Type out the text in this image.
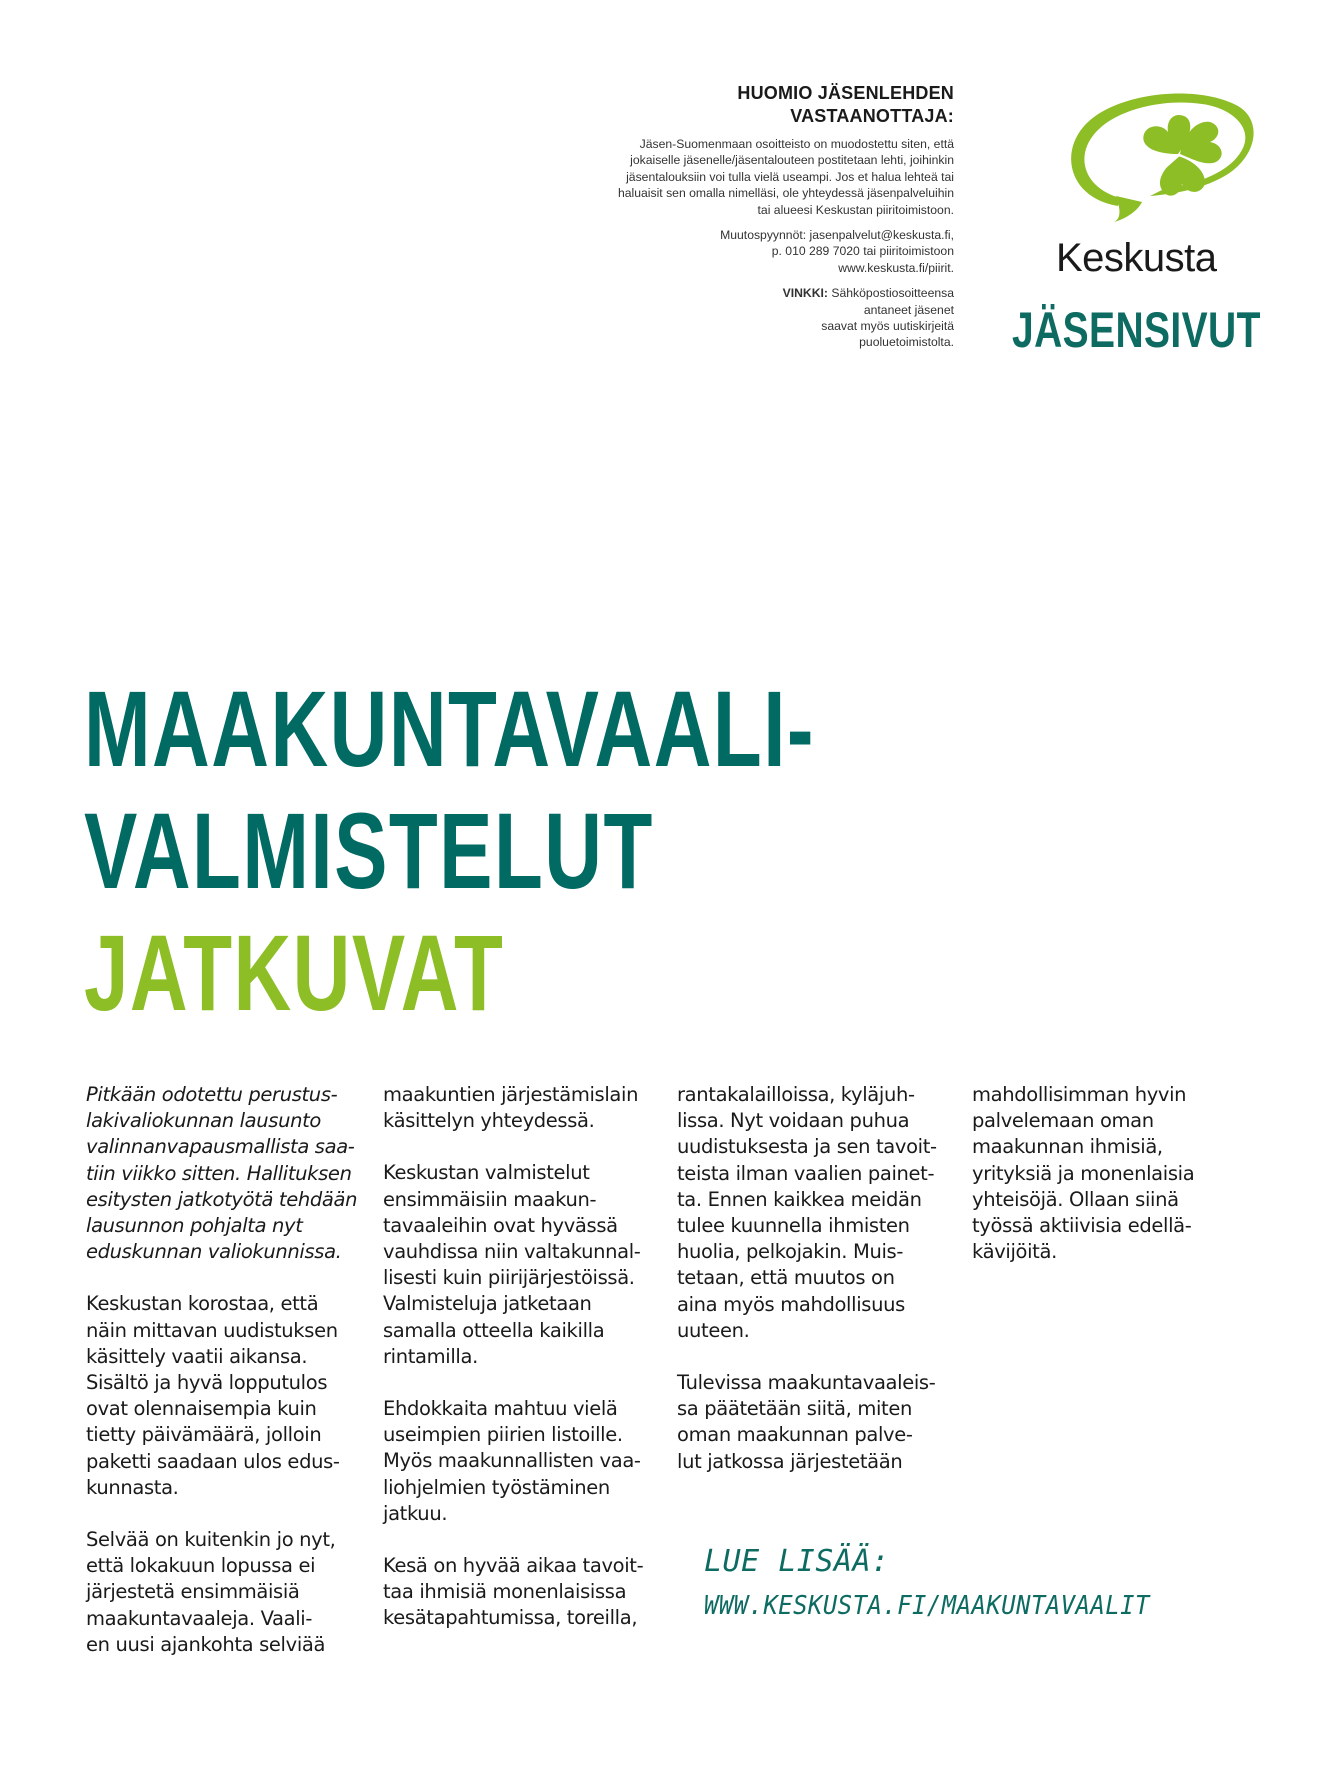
HUOMIO JÄSENLEHDEN
VASTAANOTTAJA:

Jäsen-Suomenmaan osoitteisto on muodostettu siten, että
jokaiselle jäsenelle/jäsentalouteen postitetaan lehti, joihinkin
jäsentalouksiin voi tulla vielä useampi. Jos et halua lehteä tai
haluaisit sen omalla nimelläsi, ole yhteydessä jäsenpalveluihin
tai alueesi Keskustan piiritoimistoon.

Muutospyynnöt: jasenpalvelut@keskusta.fi,
p. 010 289 7020 tai piiritoimistoon
www.keskusta.fi/piirit.

VINKKI: Sähköpostiosoitteensa
antaneet jäsenet
saavat myös uutiskirjeitä
puoluetoimistolta.

Keskusta
JÄSENSIVUT
MAAKUNTAVAALI-
VALMISTELUT
JATKUVAT

Pitkään odotettu perustus-
lakivaliokunnan lausunto
valinnanvapausmallista saa-
tiin viikko sitten. Hallituksen
esitysten jatkotyötä tehdään
lausunnon pohjalta nyt
eduskunnan valiokunnissa.

Keskustan korostaa, että
näin mittavan uudistuksen
käsittely vaatii aikansa.
Sisältö ja hyvä lopputulos
ovat olennaisempia kuin
tietty päivämäärä, jolloin
paketti saadaan ulos edus-
kunnasta.

Selvää on kuitenkin jo nyt,
että lokakuun lopussa ei
järjestetä ensimmäisiä
maakuntavaaleja. Vaali-
en uusi ajankohta selviää

maakuntien järjestämislain
käsittelyn yhteydessä.

Keskustan valmistelut
ensimmäisiin maakun-
tavaaleihin ovat hyvässä
vauhdissa niin valtakunnal-
lisesti kuin piirijärjestöissä.
Valmisteluja jatketaan
samalla otteella kaikilla
rintamilla.

Ehdokkaita mahtuu vielä
useimpien piirien listoille.
Myös maakunnallisten vaa-
liohjelmien työstäminen
jatkuu.

Kesä on hyvää aikaa tavoit-
taa ihmisiä monenlaisissa
kesätapahtumissa, toreilla,

rantakalailloissa, kyläjuh-
lissa. Nyt voidaan puhua
uudistuksesta ja sen tavoit-
teista ilman vaalien painet-
ta. Ennen kaikkea meidän
tulee kuunnella ihmisten
huolia, pelkojakin. Muis-
tetaan, että muutos on
aina myös mahdollisuus
uuteen.

Tulevissa maakuntavaaleis-
sa päätetään siitä, miten
oman maakunnan palve-
lut jatkossa järjestetään

mahdollisimman hyvin
palvelemaan oman
maakunnan ihmisiä,
yrityksiä ja monenlaisia
yhteisöjä. Ollaan siinä
työssä aktiivisia edellä-
kävijöitä.

LUE LISÄÄ:
WWW.KESKUSTA.FI/MAAKUNTAVAALIT
